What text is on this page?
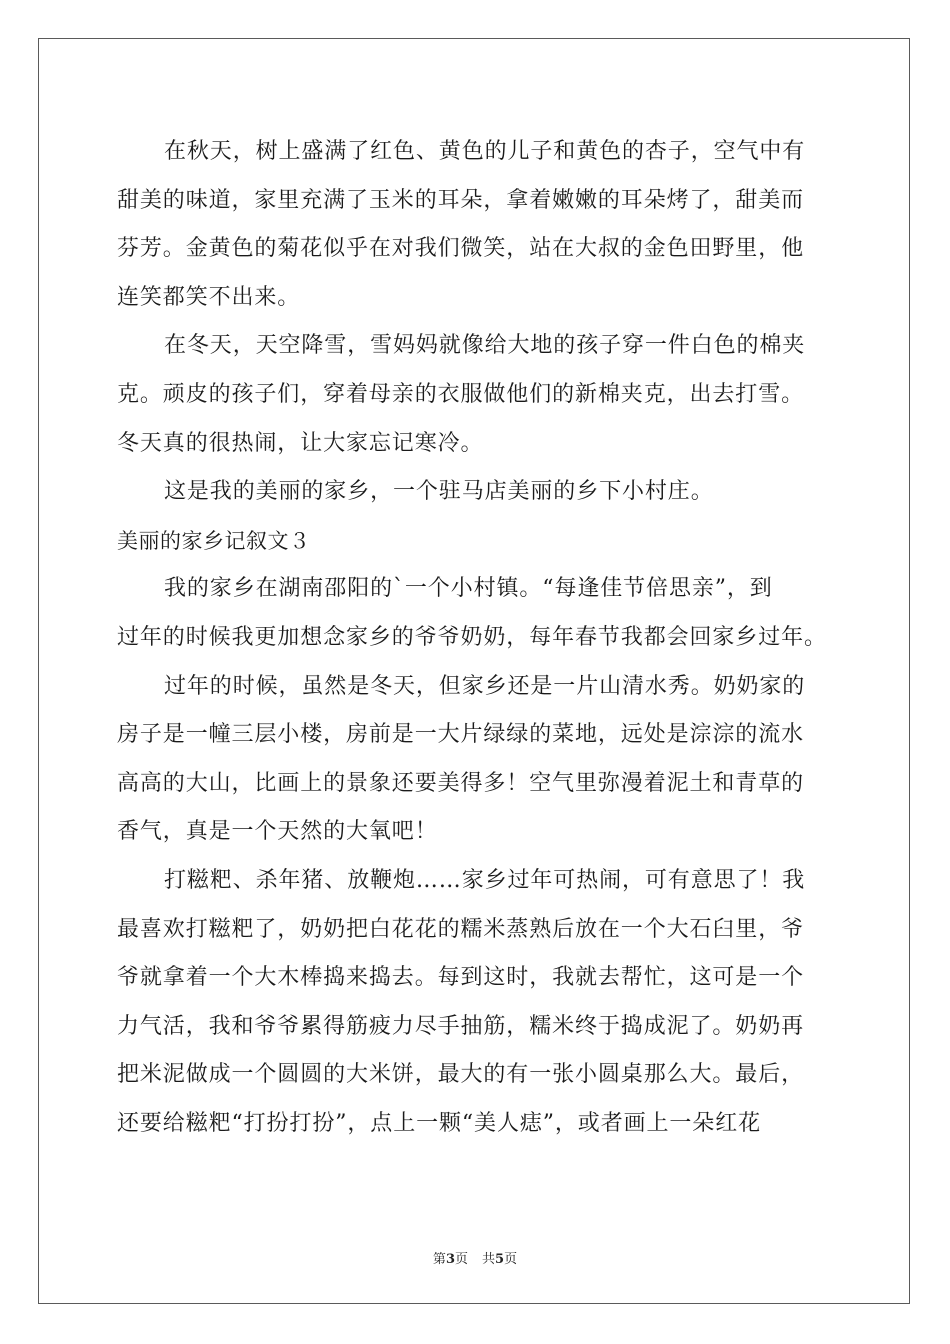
在秋天，树上盛满了红色、黄色的儿子和黄色的杏子，空气中有
甜美的味道，家里充满了玉米的耳朵，拿着嫩嫩的耳朵烤了，甜美而
芬芳。金黄色的菊花似乎在对我们微笑，站在大叔的金色田野里，他
连笑都笑不出来。
在冬天，天空降雪，雪妈妈就像给大地的孩子穿一件白色的棉夹
克。顽皮的孩子们，穿着母亲的衣服做他们的新棉夹克，出去打雪。
冬天真的很热闹，让大家忘记寒冷。
这是我的美丽的家乡，一个驻马店美丽的乡下小村庄。
美丽的家乡记叙文３
我的家乡在湖南邵阳的`一个小村镇。“每逢佳节倍思亲”，到
过年的时候我更加想念家乡的爷爷奶奶，每年春节我都会回家乡过年。
过年的时候，虽然是冬天，但家乡还是一片山清水秀。奶奶家的
房子是一幢三层小楼，房前是一大片绿绿的菜地，远处是淙淙的流水
高高的大山，比画上的景象还要美得多！空气里弥漫着泥土和青草的
香气，真是一个天然的大氧吧！
打糍粑、杀年猪、放鞭炮……家乡过年可热闹，可有意思了！我
最喜欢打糍粑了，奶奶把白花花的糯米蒸熟后放在一个大石臼里，爷
爷就拿着一个大木棒捣来捣去。每到这时，我就去帮忙，这可是一个
力气活，我和爷爷累得筋疲力尽手抽筋，糯米终于捣成泥了。奶奶再
把米泥做成一个圆圆的大米饼，最大的有一张小圆桌那么大。最后，
还要给糍粑“打扮打扮”，点上一颗“美人痣”，或者画上一朵红花
第3页 共5页
